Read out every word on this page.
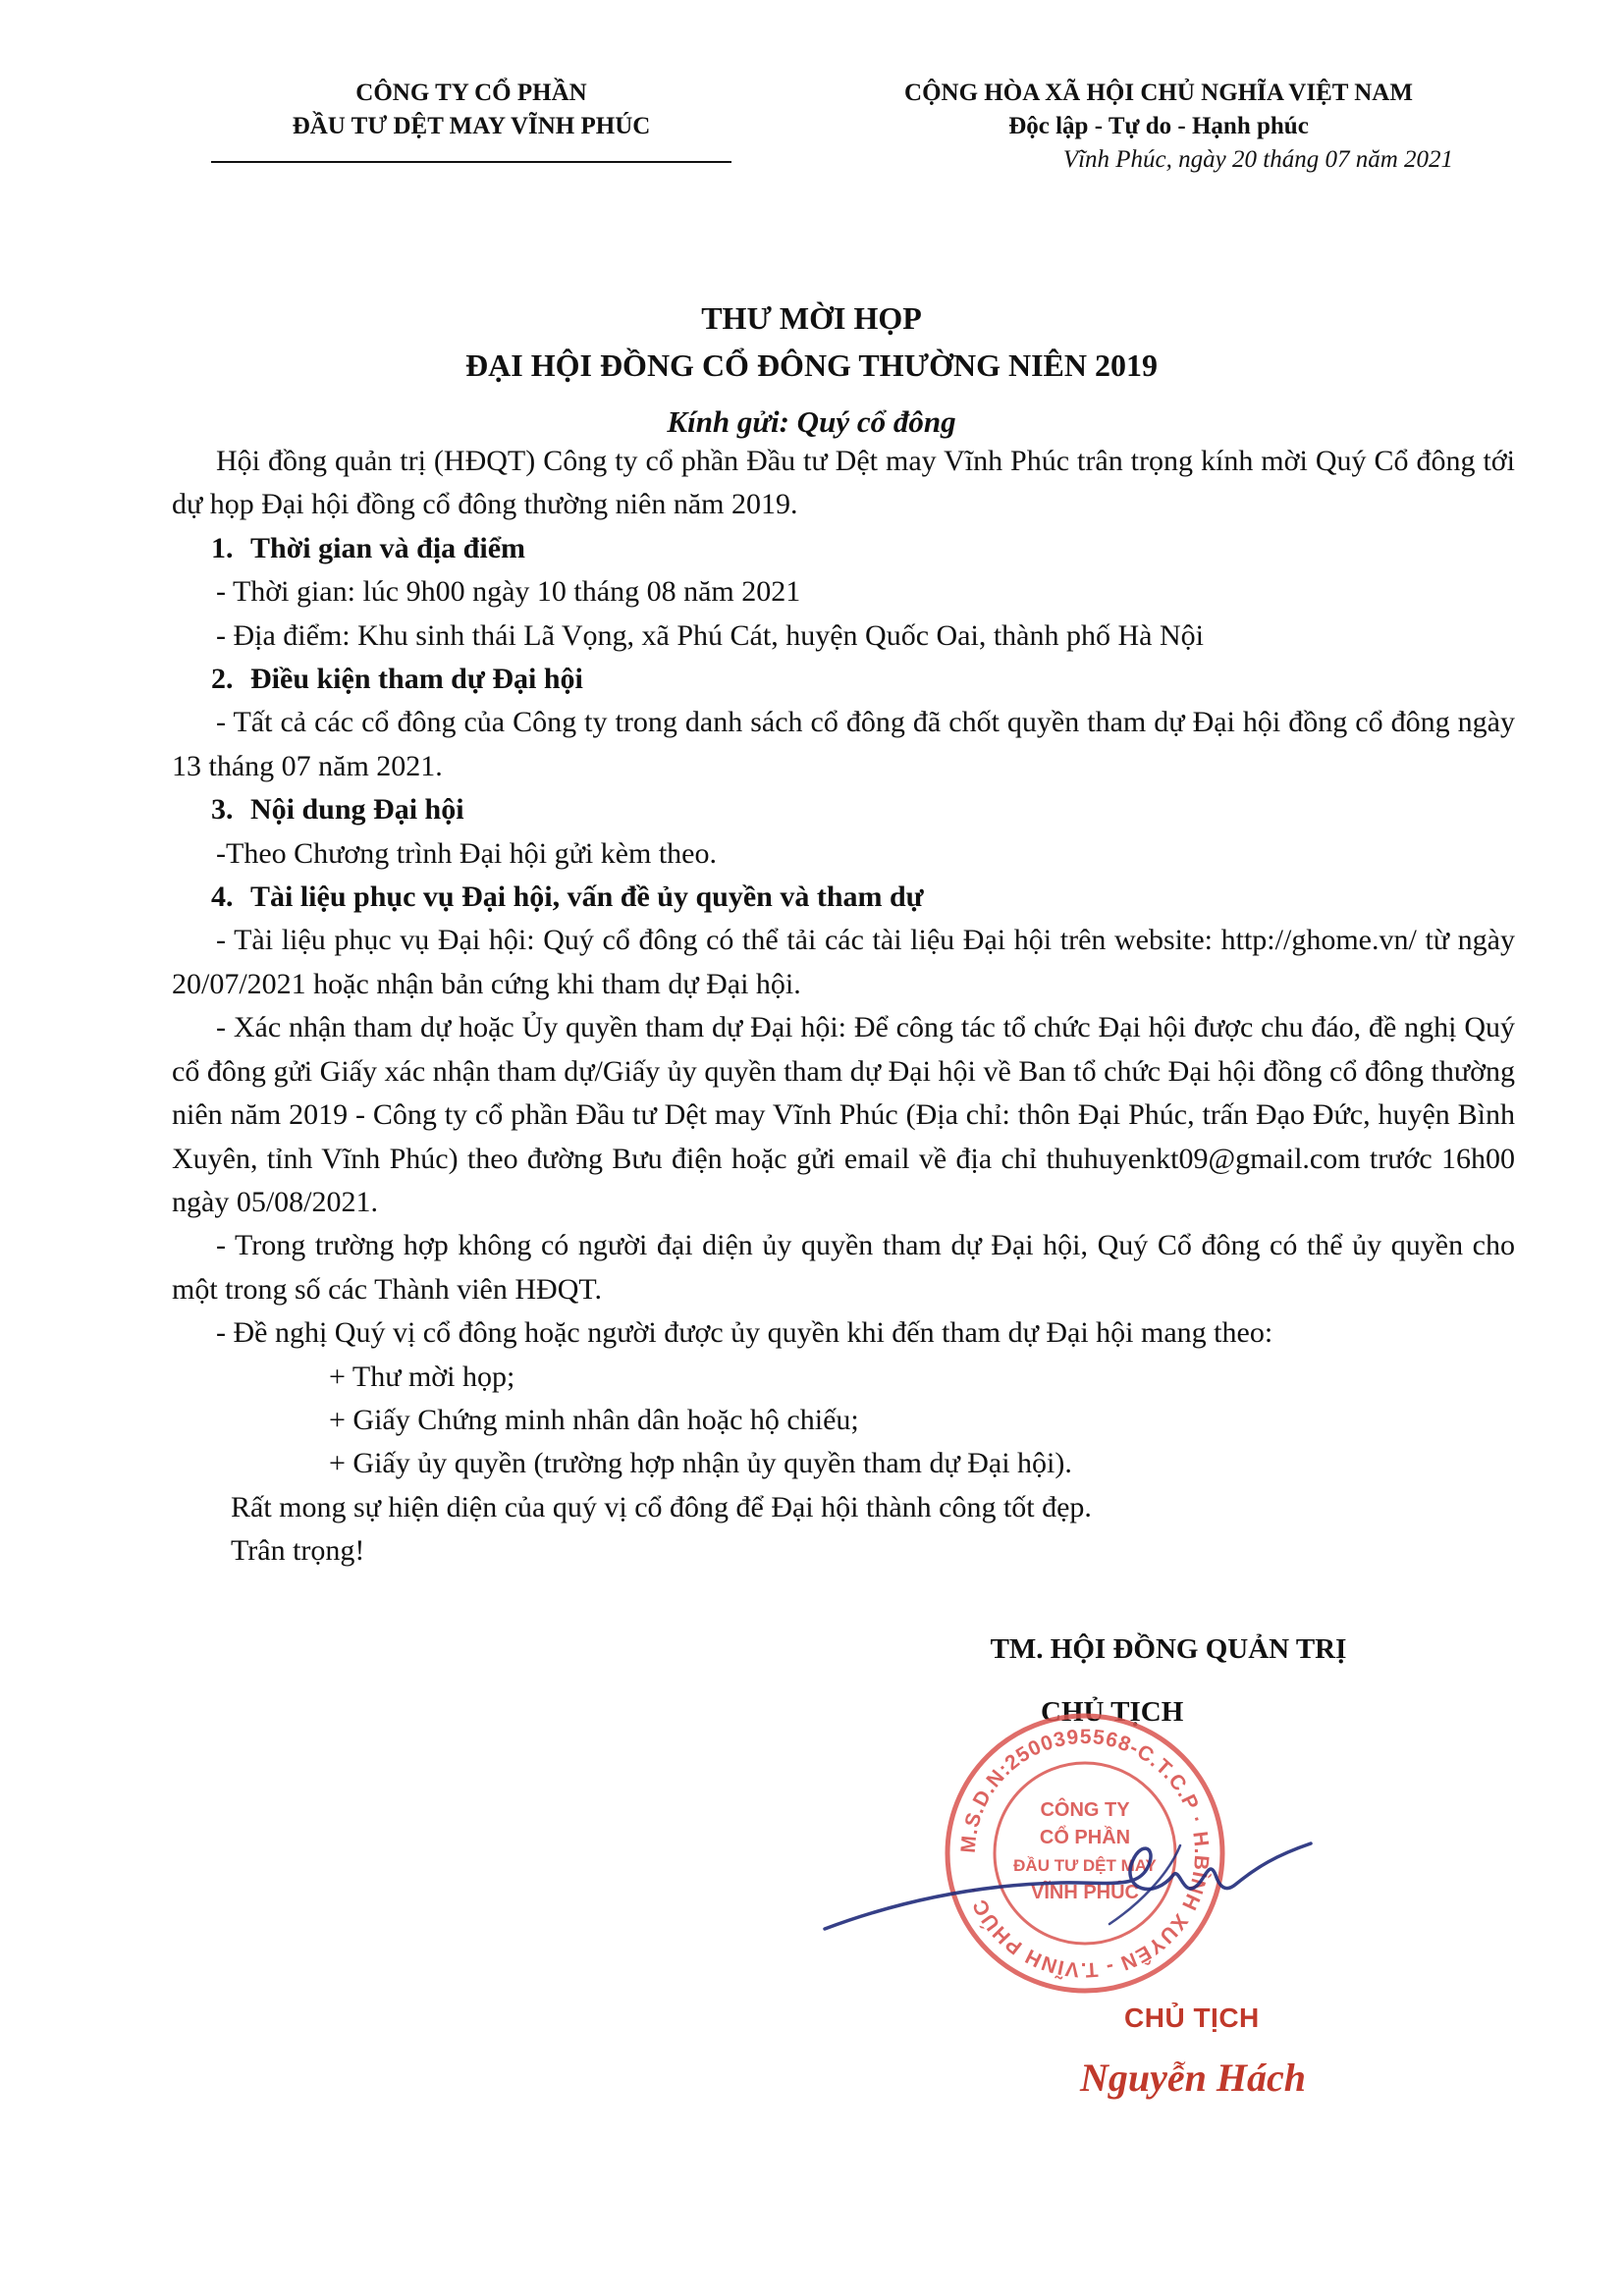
CÔNG TY CỔ PHẦN
ĐẦU TƯ DỆT MAY VĨNH PHÚC
CỘNG HÒA XÃ HỘI CHỦ NGHĨA VIỆT NAM
Độc lập - Tự do - Hạnh phúc
Vĩnh Phúc, ngày 20 tháng 07 năm 2021
THƯ MỜI HỌP
ĐẠI HỘI ĐỒNG CỔ ĐÔNG THƯỜNG NIÊN 2019
Kính gửi: Quý cổ đông

Hội đồng quản trị (HĐQT) Công ty cổ phần Đầu tư Dệt may Vĩnh Phúc trân trọng kính mời Quý Cổ đông tới dự họp Đại hội đồng cổ đông thường niên năm 2019.

1. Thời gian và địa điểm

- Thời gian: lúc 9h00 ngày 10 tháng 08 năm 2021

- Địa điểm: Khu sinh thái Lã Vọng, xã Phú Cát, huyện Quốc Oai, thành phố Hà Nội

2. Điều kiện tham dự Đại hội

- Tất cả các cổ đông của Công ty trong danh sách cổ đông đã chốt quyền tham dự Đại hội đồng cổ đông ngày 13 tháng 07 năm 2021.

3. Nội dung Đại hội

-Theo Chương trình Đại hội gửi kèm theo.

4. Tài liệu phục vụ Đại hội, vấn đề ủy quyền và tham dự

- Tài liệu phục vụ Đại hội: Quý cổ đông có thể tải các tài liệu Đại hội trên website: http://ghome.vn/ từ ngày 20/07/2021 hoặc nhận bản cứng khi tham dự Đại hội.

- Xác nhận tham dự hoặc Ủy quyền tham dự Đại hội: Để công tác tổ chức Đại hội được chu đáo, đề nghị Quý cổ đông gửi Giấy xác nhận tham dự/Giấy ủy quyền tham dự Đại hội về Ban tổ chức Đại hội đồng cổ đông thường niên năm 2019 - Công ty cổ phần Đầu tư Dệt may Vĩnh Phúc (Địa chỉ: thôn Đại Phúc, trấn Đạo Đức, huyện Bình Xuyên, tỉnh Vĩnh Phúc) theo đường Bưu điện hoặc gửi email về địa chỉ thuhuyenkt09@gmail.com trước 16h00 ngày 05/08/2021.

- Trong trường hợp không có người đại diện ủy quyền tham dự Đại hội, Quý Cổ đông có thể ủy quyền cho một trong số các Thành viên HĐQT.

- Đề nghị Quý vị cổ đông hoặc người được ủy quyền khi đến tham dự Đại hội mang theo:

+ Thư mời họp;

+ Giấy Chứng minh nhân dân hoặc hộ chiếu;

+ Giấy ủy quyền (trường hợp nhận ủy quyền tham dự Đại hội).

Rất mong sự hiện diện của quý vị cổ đông để Đại hội thành công tốt đẹp.

Trân trọng!

TM. HỘI ĐỒNG QUẢN TRỊ
CHỦ TỊCH
M.S.D.N:2500395568-C.T.C.P · H.BÌNH XUYÊN - T.VĨNH PHÚC ·
CÔNG TY
CỔ PHẦN
ĐẦU TƯ DỆT MAY
VĨNH PHÚC
CHỦ TỊCH
Nguyễn Hách
